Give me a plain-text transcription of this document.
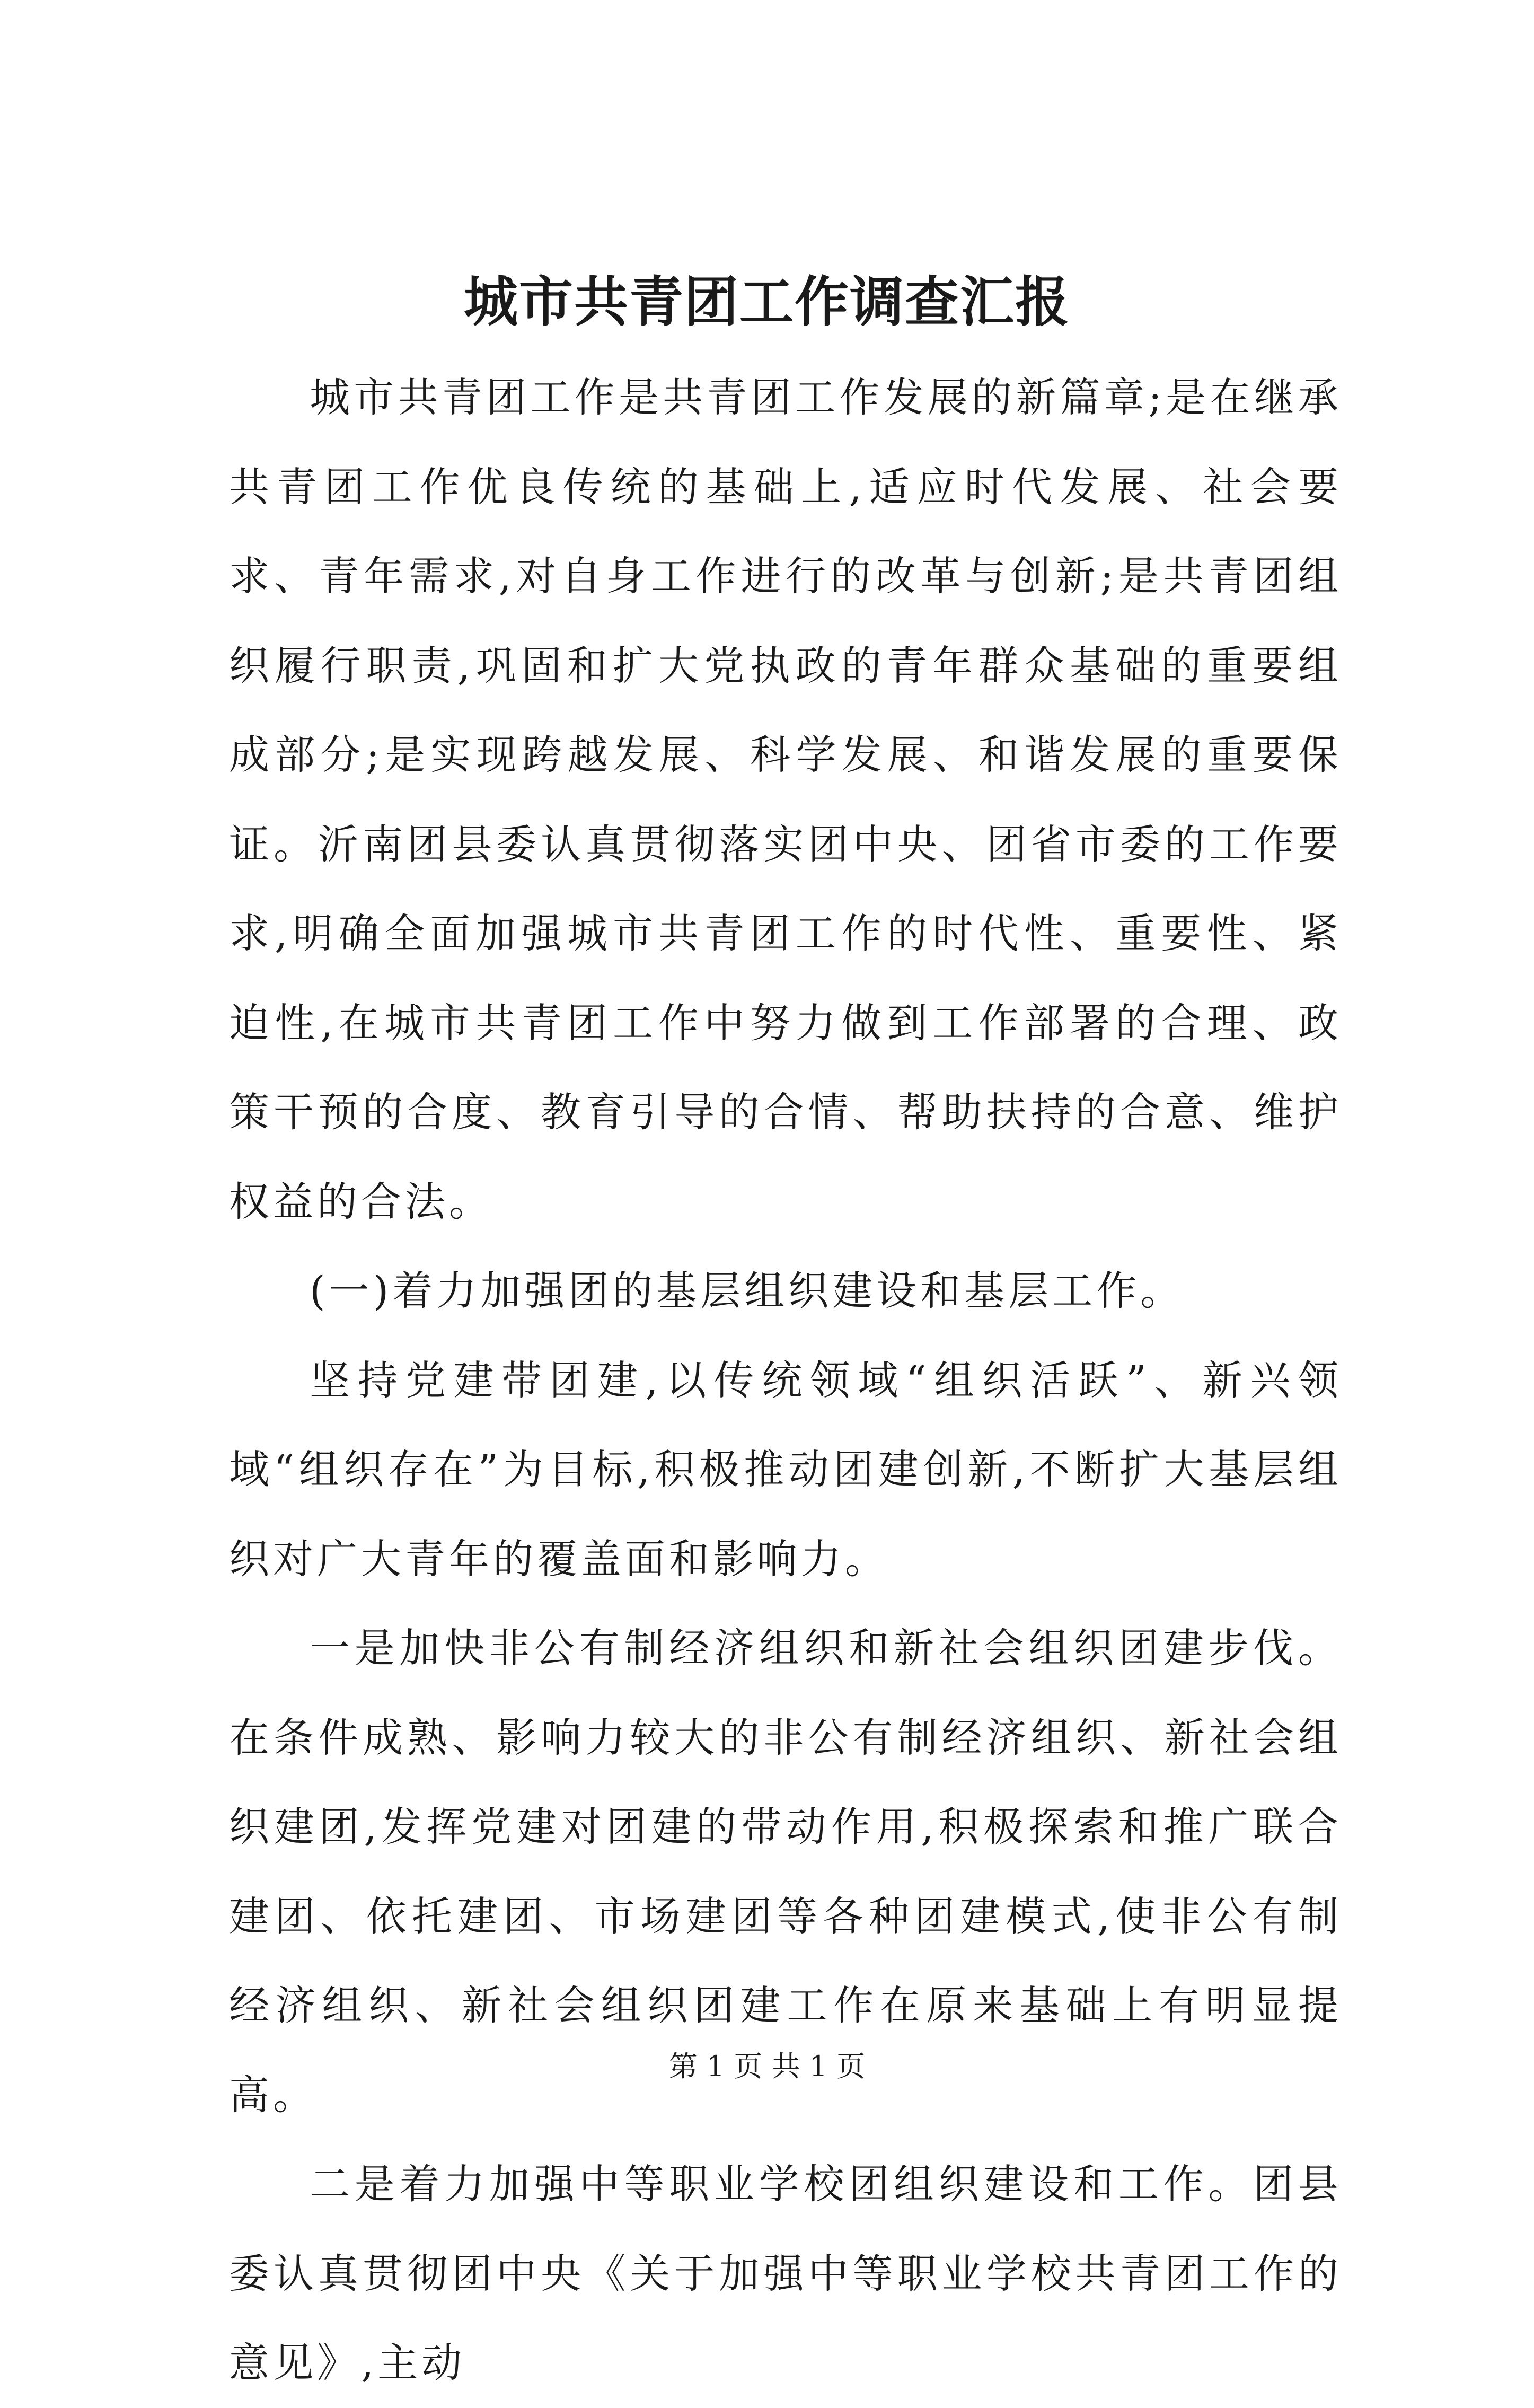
城市共青团工作调查汇报

城市共青团工作是共青团工作发展的新篇章;是在继承共青团工作优良传统的基础上,适应时代发展、社会要求、青年需求,对自身工作进行的改革与创新;是共青团组织履行职责,巩固和扩大党执政的青年群众基础的重要组成部分;是实现跨越发展、科学发展、和谐发展的重要保证。沂南团县委认真贯彻落实团中央、团省市委的工作要求,明确全面加强城市共青团工作的时代性、重要性、紧迫性,在城市共青团工作中努力做到工作部署的合理、政策干预的合度、教育引导的合情、帮助扶持的合意、维护权益的合法。

(一)着力加强团的基层组织建设和基层工作。

坚持党建带团建,以传统领域“组织活跃”、新兴领域“组织存在”为目标,积极推动团建创新,不断扩大基层组织对广大青年的覆盖面和影响力。

一是加快非公有制经济组织和新社会组织团建步伐。在条件成熟、影响力较大的非公有制经济组织、新社会组织建团,发挥党建对团建的带动作用,积极探索和推广联合建团、依托建团、市场建团等各种团建模式,使非公有制经济组织、新社会组织团建工作在原来基础上有明显提高。

二是着力加强中等职业学校团组织建设和工作。团县委认真贯彻团中央《关于加强中等职业学校共青团工作的意见》,主动

第 1 页 共 1 页
